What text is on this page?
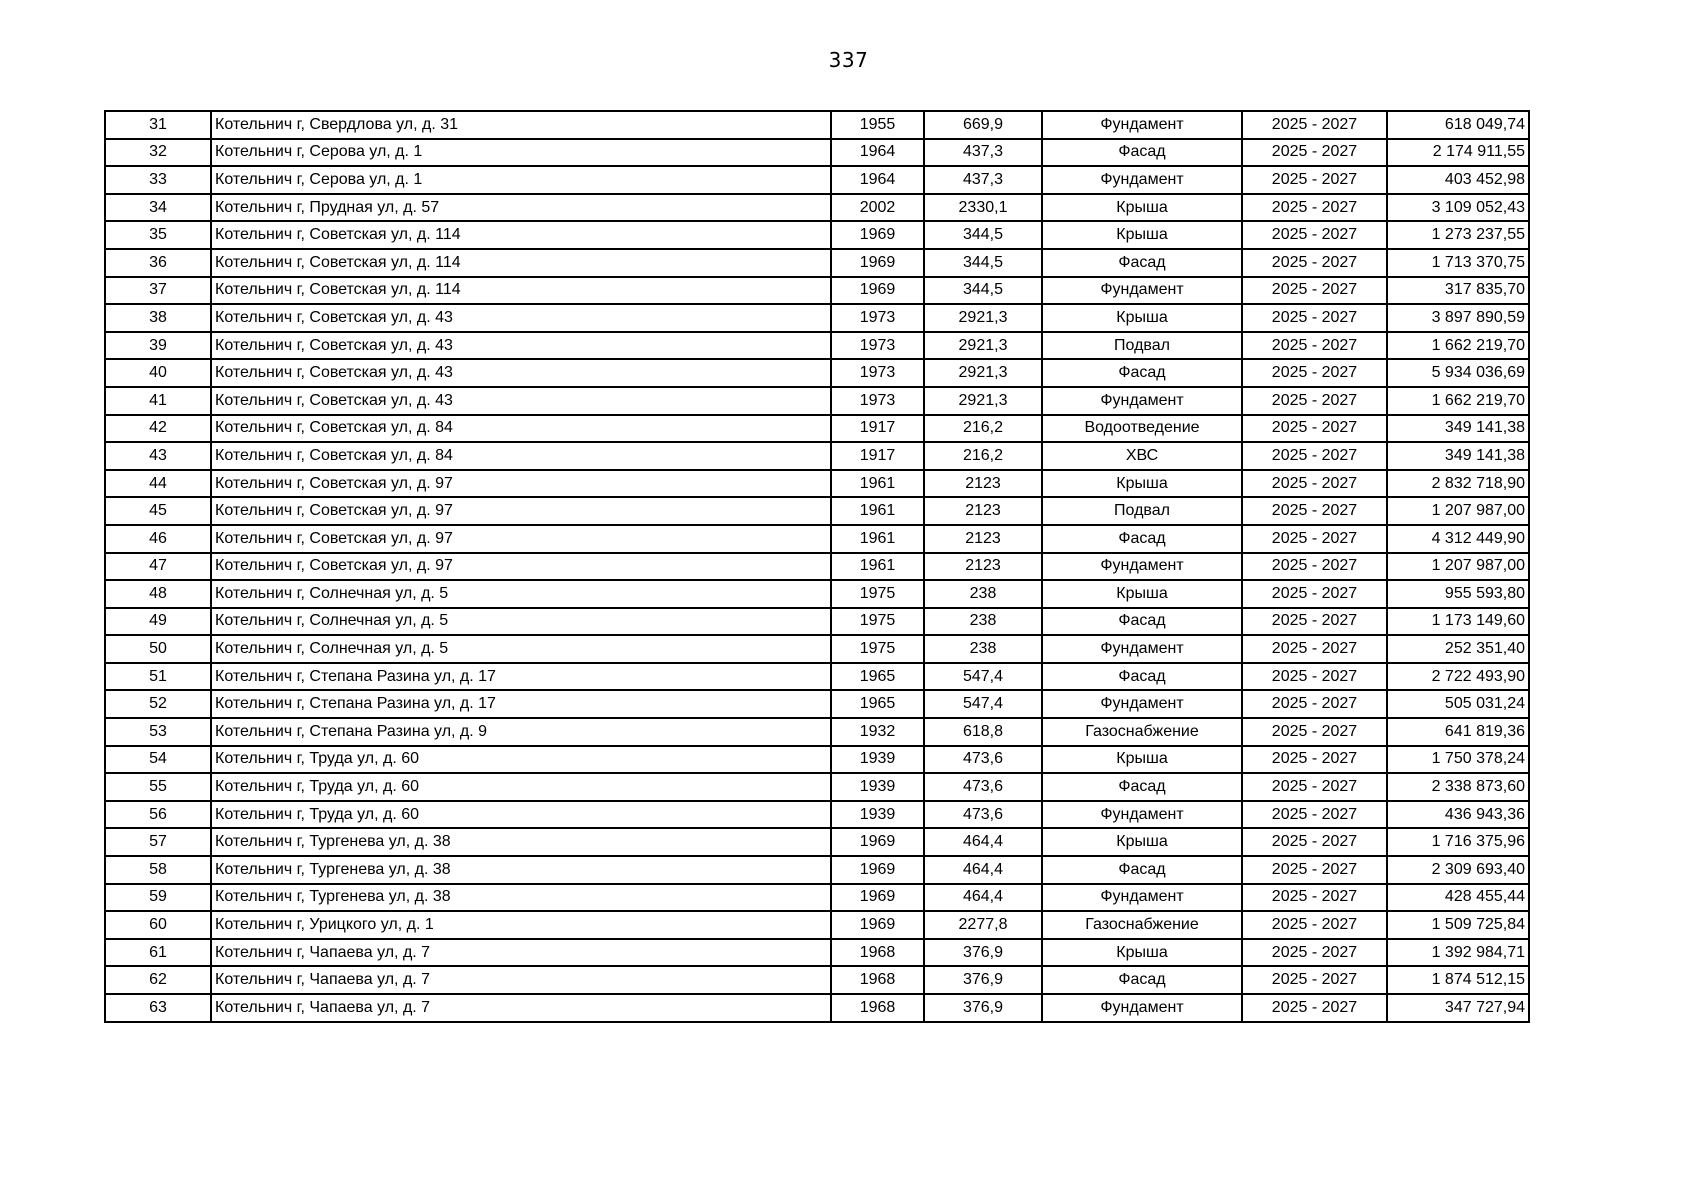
337
31	Котельнич г, Свердлова ул, д. 31	1955	669,9	Фундамент	2025 - 2027	618 049,74
32	Котельнич г, Серова ул, д. 1	1964	437,3	Фасад	2025 - 2027	2 174 911,55
33	Котельнич г, Серова ул, д. 1	1964	437,3	Фундамент	2025 - 2027	403 452,98
34	Котельнич г, Прудная ул, д. 57	2002	2330,1	Крыша	2025 - 2027	3 109 052,43
35	Котельнич г, Советская ул, д. 114	1969	344,5	Крыша	2025 - 2027	1 273 237,55
36	Котельнич г, Советская ул, д. 114	1969	344,5	Фасад	2025 - 2027	1 713 370,75
37	Котельнич г, Советская ул, д. 114	1969	344,5	Фундамент	2025 - 2027	317 835,70
38	Котельнич г, Советская ул, д. 43	1973	2921,3	Крыша	2025 - 2027	3 897 890,59
39	Котельнич г, Советская ул, д. 43	1973	2921,3	Подвал	2025 - 2027	1 662 219,70
40	Котельнич г, Советская ул, д. 43	1973	2921,3	Фасад	2025 - 2027	5 934 036,69
41	Котельнич г, Советская ул, д. 43	1973	2921,3	Фундамент	2025 - 2027	1 662 219,70
42	Котельнич г, Советская ул, д. 84	1917	216,2	Водоотведение	2025 - 2027	349 141,38
43	Котельнич г, Советская ул, д. 84	1917	216,2	ХВС	2025 - 2027	349 141,38
44	Котельнич г, Советская ул, д. 97	1961	2123	Крыша	2025 - 2027	2 832 718,90
45	Котельнич г, Советская ул, д. 97	1961	2123	Подвал	2025 - 2027	1 207 987,00
46	Котельнич г, Советская ул, д. 97	1961	2123	Фасад	2025 - 2027	4 312 449,90
47	Котельнич г, Советская ул, д. 97	1961	2123	Фундамент	2025 - 2027	1 207 987,00
48	Котельнич г, Солнечная ул, д. 5	1975	238	Крыша	2025 - 2027	955 593,80
49	Котельнич г, Солнечная ул, д. 5	1975	238	Фасад	2025 - 2027	1 173 149,60
50	Котельнич г, Солнечная ул, д. 5	1975	238	Фундамент	2025 - 2027	252 351,40
51	Котельнич г, Степана Разина ул, д. 17	1965	547,4	Фасад	2025 - 2027	2 722 493,90
52	Котельнич г, Степана Разина ул, д. 17	1965	547,4	Фундамент	2025 - 2027	505 031,24
53	Котельнич г, Степана Разина ул, д. 9	1932	618,8	Газоснабжение	2025 - 2027	641 819,36
54	Котельнич г, Труда ул, д. 60	1939	473,6	Крыша	2025 - 2027	1 750 378,24
55	Котельнич г, Труда ул, д. 60	1939	473,6	Фасад	2025 - 2027	2 338 873,60
56	Котельнич г, Труда ул, д. 60	1939	473,6	Фундамент	2025 - 2027	436 943,36
57	Котельнич г, Тургенева ул, д. 38	1969	464,4	Крыша	2025 - 2027	1 716 375,96
58	Котельнич г, Тургенева ул, д. 38	1969	464,4	Фасад	2025 - 2027	2 309 693,40
59	Котельнич г, Тургенева ул, д. 38	1969	464,4	Фундамент	2025 - 2027	428 455,44
60	Котельнич г, Урицкого ул, д. 1	1969	2277,8	Газоснабжение	2025 - 2027	1 509 725,84
61	Котельнич г, Чапаева ул, д. 7	1968	376,9	Крыша	2025 - 2027	1 392 984,71
62	Котельнич г, Чапаева ул, д. 7	1968	376,9	Фасад	2025 - 2027	1 874 512,15
63	Котельнич г, Чапаева ул, д. 7	1968	376,9	Фундамент	2025 - 2027	347 727,94
